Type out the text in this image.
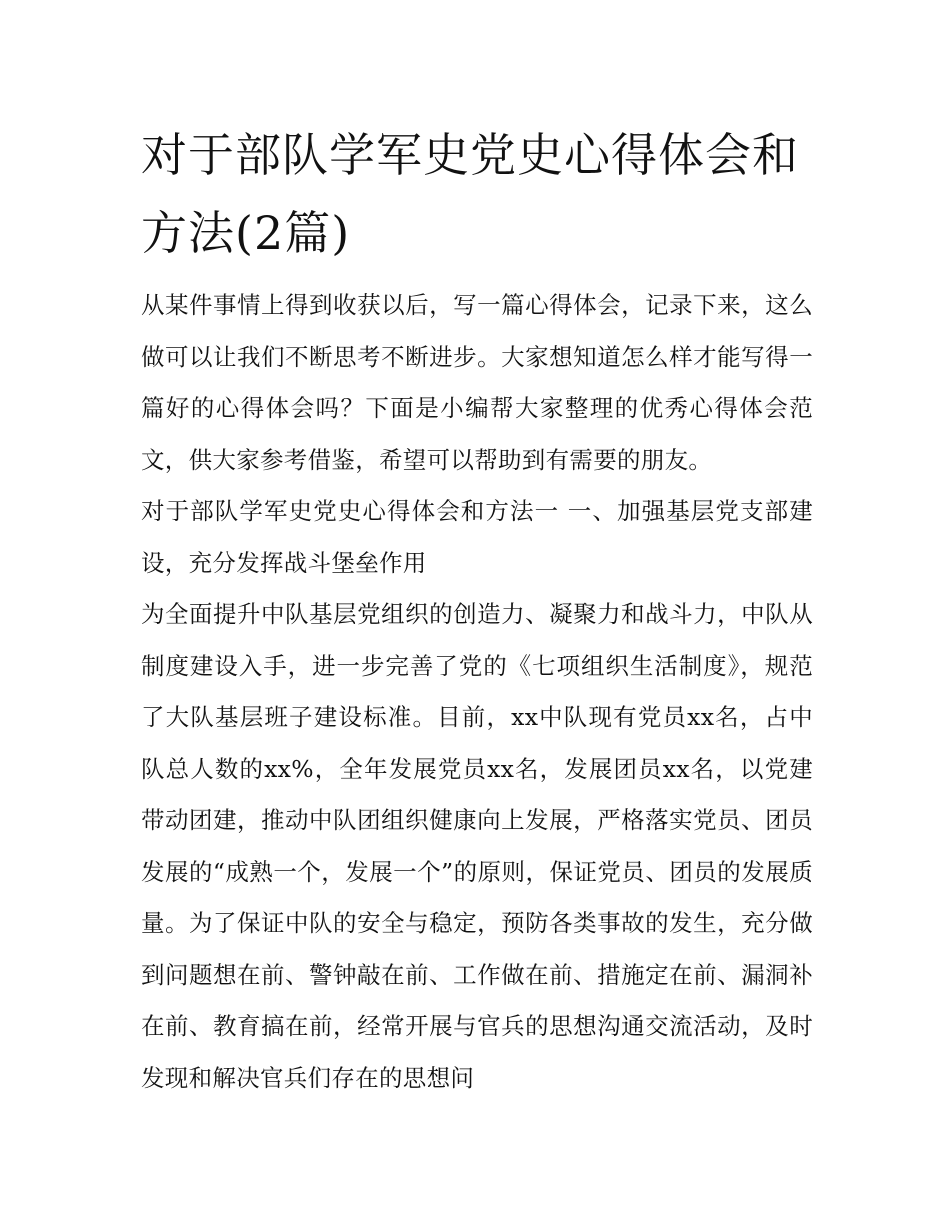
对于部队学军史党史心得体会和方法(2篇)

从某件事情上得到收获以后，写一篇心得体会，记录下来，这么做可以让我们不断思考不断进步。大家想知道怎么样才能写得一篇好的心得体会吗？下面是小编帮大家整理的优秀心得体会范文，供大家参考借鉴，希望可以帮助到有需要的朋友。

对于部队学军史党史心得体会和方法一 一、加强基层党支部建设，充分发挥战斗堡垒作用

为全面提升中队基层党组织的创造力、凝聚力和战斗力，中队从制度建设入手，进一步完善了党的《七项组织生活制度》，规范了大队基层班子建设标准。目前，xx中队现有党员xx名，占中队总人数的xx%，全年发展党员xx名，发展团员xx名，以党建带动团建，推动中队团组织健康向上发展，严格落实党员、团员发展的“成熟一个，发展一个”的原则，保证党员、团员的发展质量。为了保证中队的安全与稳定，预防各类事故的发生，充分做到问题想在前、警钟敲在前、工作做在前、措施定在前、漏洞补在前、教育搞在前，经常开展与官兵的思想沟通交流活动，及时发现和解决官兵们存在的思想问
